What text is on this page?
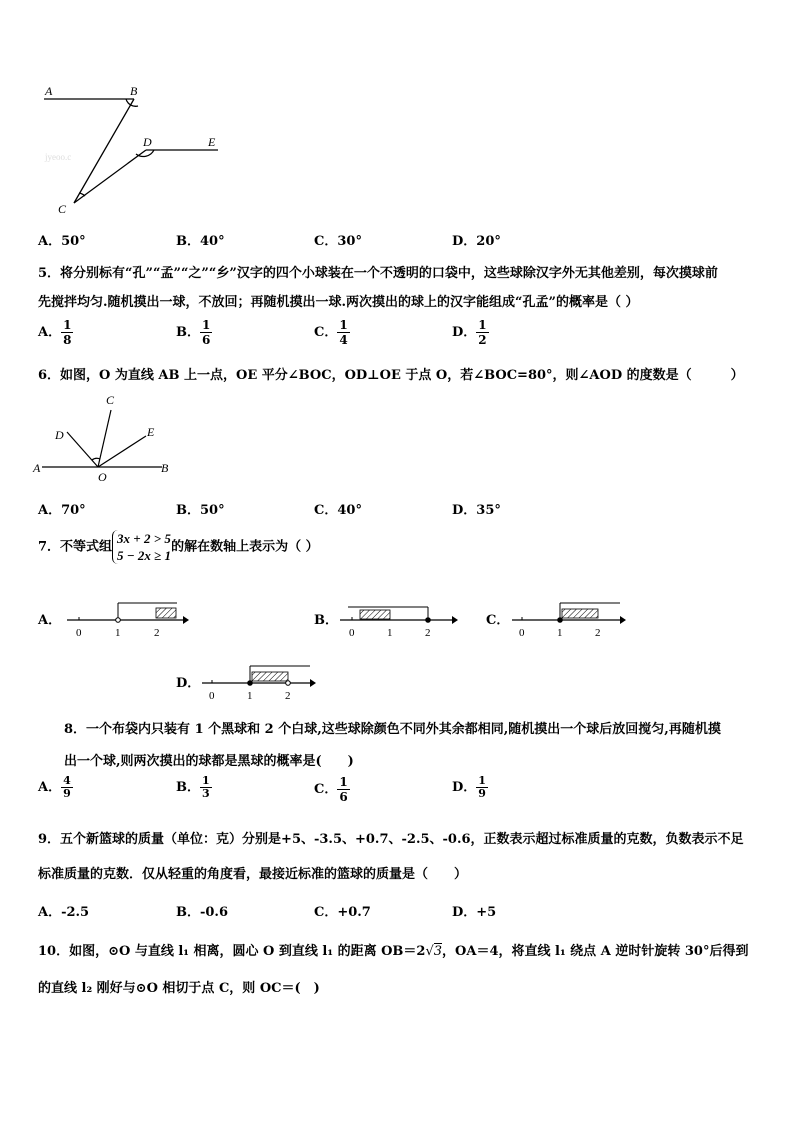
A	B
C
D	E
jyeoo.c
A．50°	B．40°	C．30°	D．20°
5．将分别标有“孔”“孟”“之”“乡”汉字的四个小球装在一个不透明的口袋中，这些球除汉字外无其他差别，每次摸球前
先搅拌均匀.随机摸出一球，不放回；再随机摸出一球.两次摸出的球上的汉字能组成“孔孟”的概率是（ ）
A． $\frac{1}{8}$	B． $\frac{1}{6}$	C． $\frac{1}{4}$	D． $\frac{1}{2}$
6．如图，O 为直线 AB 上一点，OE 平分∠BOC，OD⊥OE 于点 O，若∠BOC=80°，则∠AOD 的度数是（　　　）
A	B
C
D	E
O
A．70°	B．50°	C．40°	D．35°
7．不等式组
3x + 2 > 5
5 − 2x ≥ 1
的解在数轴上表示为（ ）
A．
0	1	2
B．
0	1	2
C．
0	1	2
D．
0	1	2
8．一个布袋内只装有 1 个黑球和 2 个白球,这些球除颜色不同外其余都相同,随机摸出一个球后放回搅匀,再随机摸
出一个球,则两次摸出的球都是黑球的概率是(　　)
A． $\frac{4}{9}$	B． $\frac{1}{3}$	C． $\frac{1}{6}$	D． $\frac{1}{9}$
9．五个新篮球的质量（单位：克）分别是+5、-3.5、+0.7、-2.5、-0.6，正数表示超过标准质量的克数，负数表示不足
标准质量的克数．仅从轻重的角度看，最接近标准的篮球的质量是（　　）
A．-2.5	B．-0.6	C．+0.7	D．+5
10．如图，⊙O 与直线 l₁ 相离，圆心 O 到直线 l₁ 的距离 OB＝2√3，OA＝4，将直线 l₁ 绕点 A 逆时针旋转 30°后得到
的直线 l₂ 刚好与⊙O 相切于点 C，则 OC＝(　)
